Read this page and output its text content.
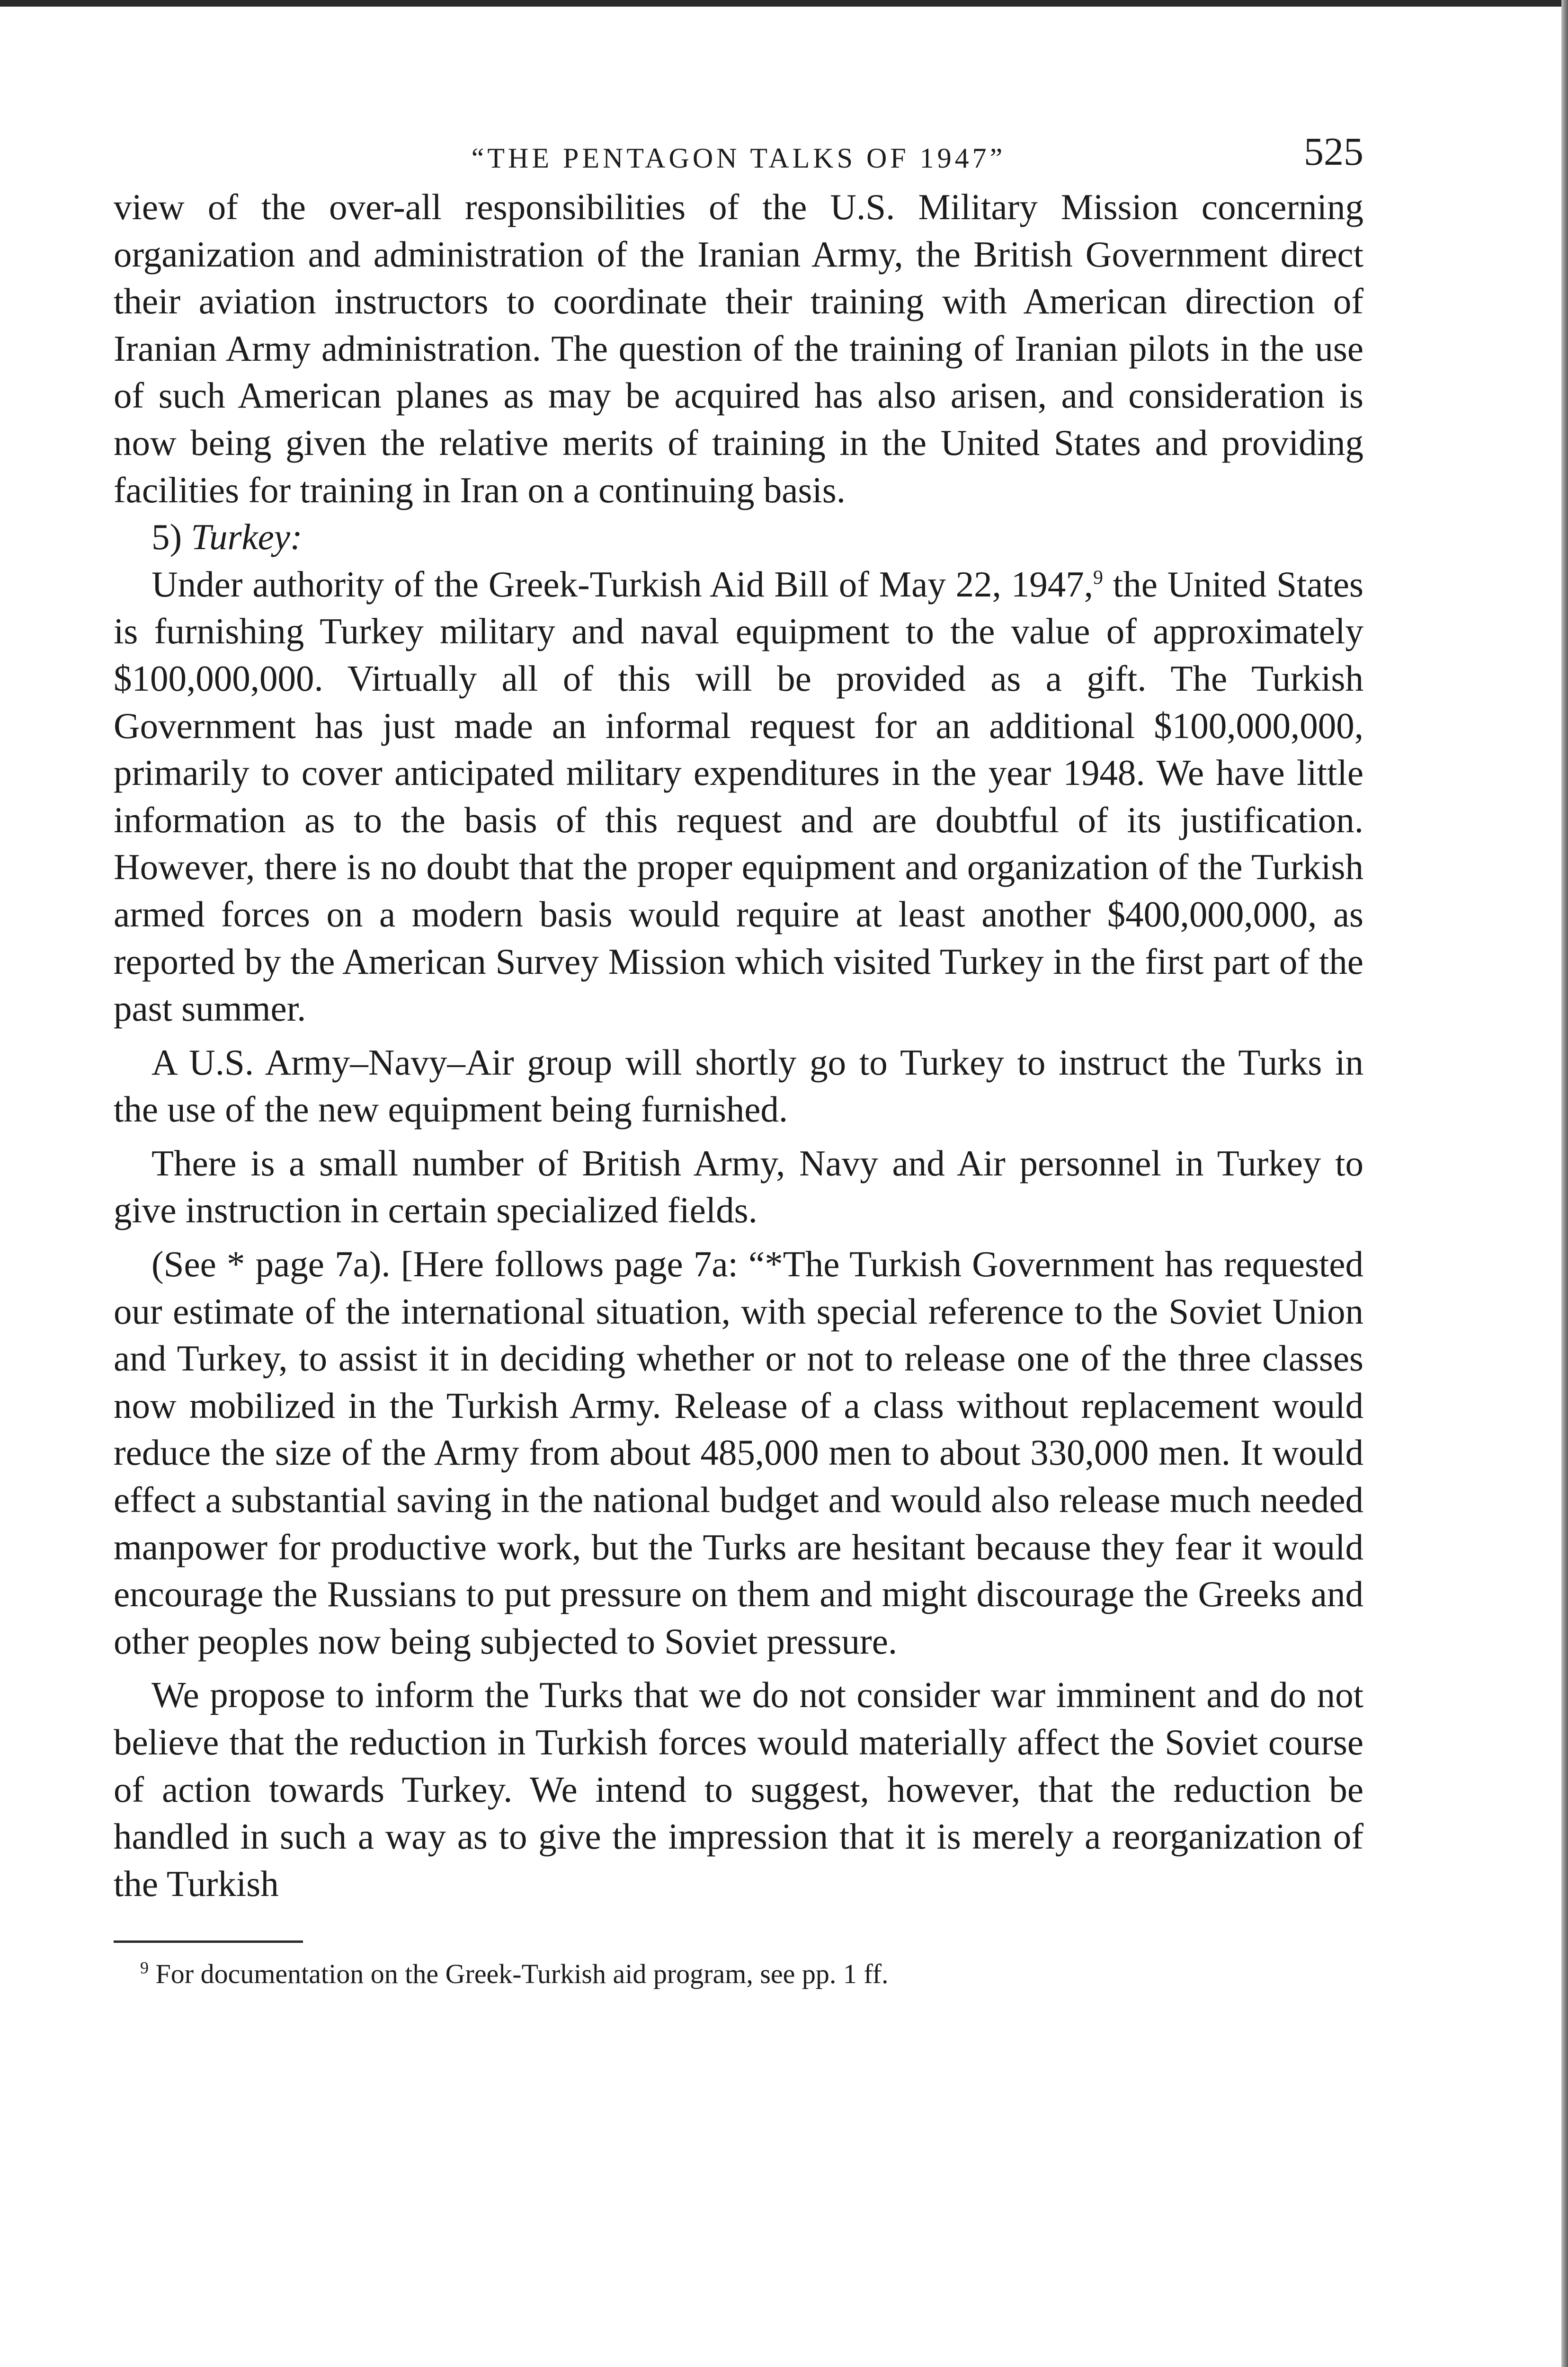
“THE PENTAGON TALKS OF 1947”	525

view of the over-all responsibilities of the U.S. Military Mission concerning organization and administration of the Iranian Army, the British Government direct their aviation instructors to coordinate their training with American direction of Iranian Army administration. The question of the training of Iranian pilots in the use of such American planes as may be acquired has also arisen, and consideration is now being given the relative merits of training in the United States and providing facilities for training in Iran on a continuing basis.

5) Turkey:

Under authority of the Greek-Turkish Aid Bill of May 22, 1947,$^9$ the United States is furnishing Turkey military and naval equipment to the value of approximately $100,000,000. Virtually all of this will be provided as a gift. The Turkish Government has just made an informal request for an additional $100,000,000, primarily to cover anticipated military expenditures in the year 1948. We have little information as to the basis of this request and are doubtful of its justification. However, there is no doubt that the proper equipment and organization of the Turkish armed forces on a modern basis would require at least another $400,000,000, as reported by the American Survey Mission which visited Turkey in the first part of the past summer.

A U.S. Army–Navy–Air group will shortly go to Turkey to instruct the Turks in the use of the new equipment being furnished.

There is a small number of British Army, Navy and Air personnel in Turkey to give instruction in certain specialized fields.

(See * page 7a). [Here follows page 7a: “*The Turkish Government has requested our estimate of the international situation, with special reference to the Soviet Union and Turkey, to assist it in deciding whether or not to release one of the three classes now mobilized in the Turkish Army. Release of a class without replacement would reduce the size of the Army from about 485,000 men to about 330,000 men. It would effect a substantial saving in the national budget and would also release much needed manpower for productive work, but the Turks are hesitant because they fear it would encourage the Russians to put pressure on them and might discourage the Greeks and other peoples now being subjected to Soviet pressure.

We propose to inform the Turks that we do not consider war imminent and do not believe that the reduction in Turkish forces would materially affect the Soviet course of action towards Turkey. We intend to suggest, however, that the reduction be handled in such a way as to give the impression that it is merely a reorganization of the Turkish

$^9$ For documentation on the Greek-Turkish aid program, see pp. 1 ff.
